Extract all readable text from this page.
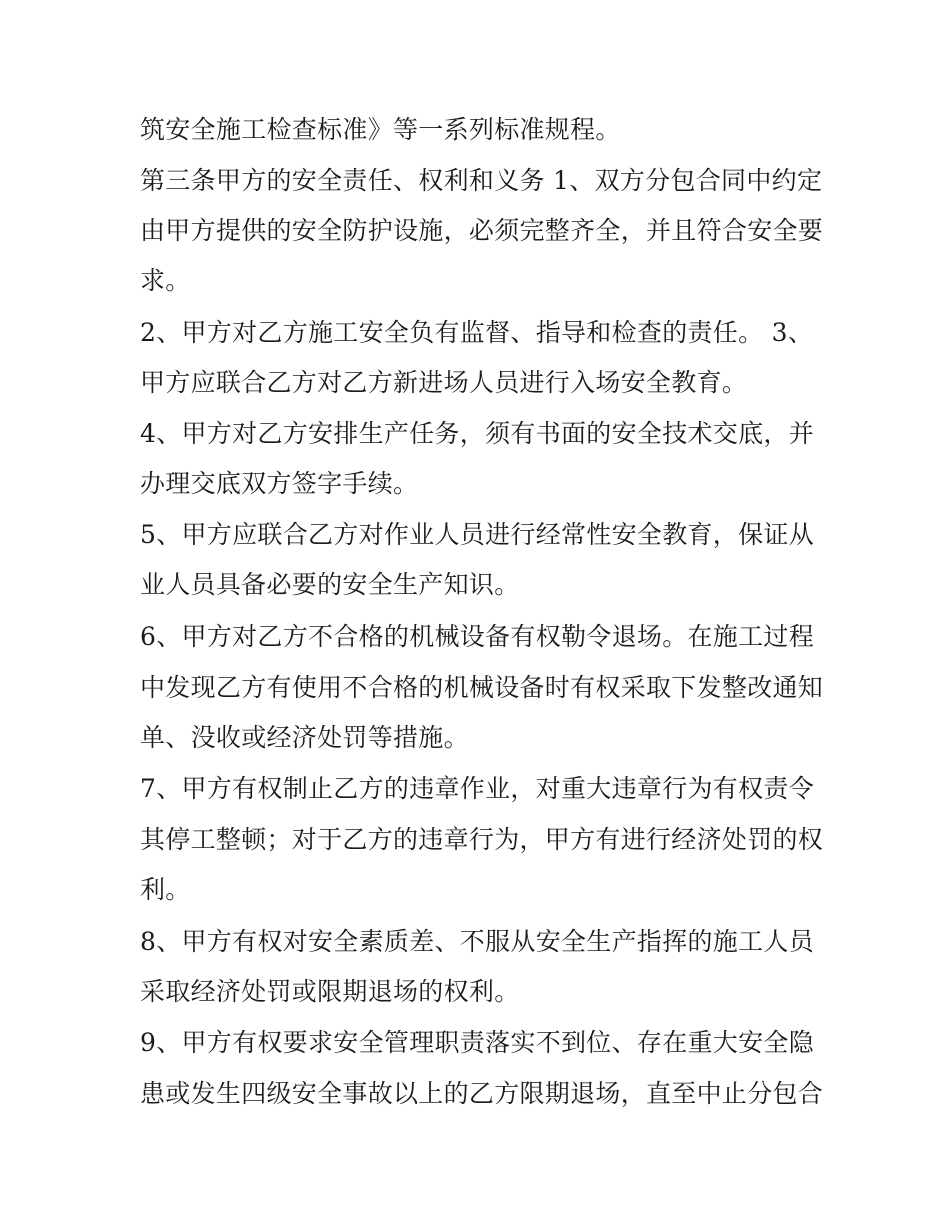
筑安全施工检查标准》等一系列标准规程。
第三条甲方的安全责任、权利和义务 1、双方分包合同中约定
由甲方提供的安全防护设施，必须完整齐全，并且符合安全要
求。
2、甲方对乙方施工安全负有监督、指导和检查的责任。 3、
甲方应联合乙方对乙方新进场人员进行入场安全教育。
4、甲方对乙方安排生产任务，须有书面的安全技术交底，并
办理交底双方签字手续。
5、甲方应联合乙方对作业人员进行经常性安全教育，保证从
业人员具备必要的安全生产知识。
6、甲方对乙方不合格的机械设备有权勒令退场。在施工过程
中发现乙方有使用不合格的机械设备时有权采取下发整改通知
单、没收或经济处罚等措施。
7、甲方有权制止乙方的违章作业，对重大违章行为有权责令
其停工整顿；对于乙方的违章行为，甲方有进行经济处罚的权
利。
8、甲方有权对安全素质差、不服从安全生产指挥的施工人员
采取经济处罚或限期退场的权利。
9、甲方有权要求安全管理职责落实不到位、存在重大安全隐
患或发生四级安全事故以上的乙方限期退场，直至中止分包合
